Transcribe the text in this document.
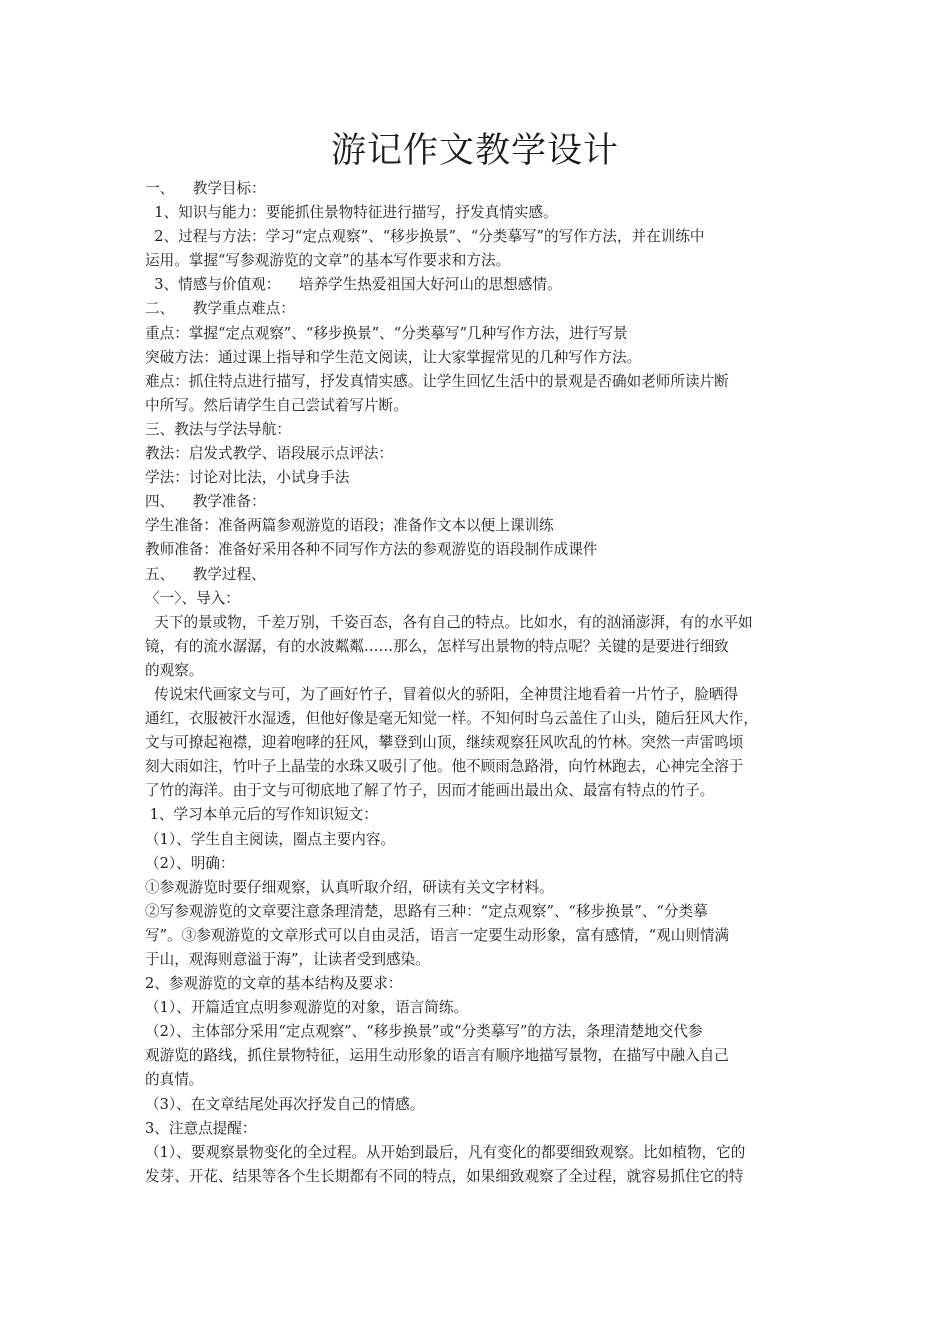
游记作文教学设计
一、    教学目标：
1、知识与能力：要能抓住景物特征进行描写，抒发真情实感。
2、过程与方法：学习“定点观察”、“移步换景”、“分类摹写”的写作方法，并在训练中
运用。掌握“写参观游览的文章”的基本写作要求和方法。
3、情感与价值观：    培养学生热爱祖国大好河山的思想感情。
二、    教学重点难点：
重点：掌握“定点观察”、“移步换景”、“分类摹写”几种写作方法，进行写景
突破方法：通过课上指导和学生范文阅读，让大家掌握常见的几种写作方法。
难点：抓住特点进行描写，抒发真情实感。让学生回忆生活中的景观是否确如老师所读片断
中所写。然后请学生自己尝试着写片断。
三、教法与学法导航：
教法：启发式教学、语段展示点评法：
学法：讨论对比法，小试身手法
四、    教学准备：
学生准备：准备两篇参观游览的语段；准备作文本以便上课训练
教师准备：准备好采用各种不同写作方法的参观游览的语段制作成课件
五、    教学过程、
〈一〉、导入：
天下的景或物，千差万别，千姿百态，各有自己的特点。比如水，有的汹涌澎湃，有的水平如
镜，有的流水潺潺，有的水波粼粼……那么，怎样写出景物的特点呢？关键的是要进行细致
的观察。
传说宋代画家文与可，为了画好竹子，冒着似火的骄阳，全神贯注地看着一片竹子，脸晒得
通红，衣服被汗水湿透，但他好像是毫无知觉一样。不知何时乌云盖住了山头，随后狂风大作，
文与可撩起袍襟，迎着咆哮的狂风，攀登到山顶，继续观察狂风吹乱的竹林。突然一声雷鸣顷
刻大雨如注，竹叶子上晶莹的水珠又吸引了他。他不顾雨急路滑，向竹林跑去，心神完全溶于
了竹的海洋。由于文与可彻底地了解了竹子，因而才能画出最出众、最富有特点的竹子。
1、学习本单元后的写作知识短文：
（1）、学生自主阅读，圈点主要内容。
（2）、明确：
①参观游览时要仔细观察，认真听取介绍，研读有关文字材料。
②写参观游览的文章要注意条理清楚，思路有三种：“定点观察”、“移步换景”、“分类摹
写”。③参观游览的文章形式可以自由灵活，语言一定要生动形象，富有感情，“观山则情满
于山，观海则意溢于海”，让读者受到感染。
2、参观游览的文章的基本结构及要求：
（1）、开篇适宜点明参观游览的对象，语言简练。
（2）、主体部分采用“定点观察”、“移步换景”或“分类摹写”的方法，条理清楚地交代参
观游览的路线，抓住景物特征，运用生动形象的语言有顺序地描写景物，在描写中融入自己
的真情。
（3）、在文章结尾处再次抒发自己的情感。
3、注意点提醒：
（1）、要观察景物变化的全过程。从开始到最后，凡有变化的都要细致观察。比如植物，它的
发芽、开花、结果等各个生长期都有不同的特点，如果细致观察了全过程，就容易抓住它的特
